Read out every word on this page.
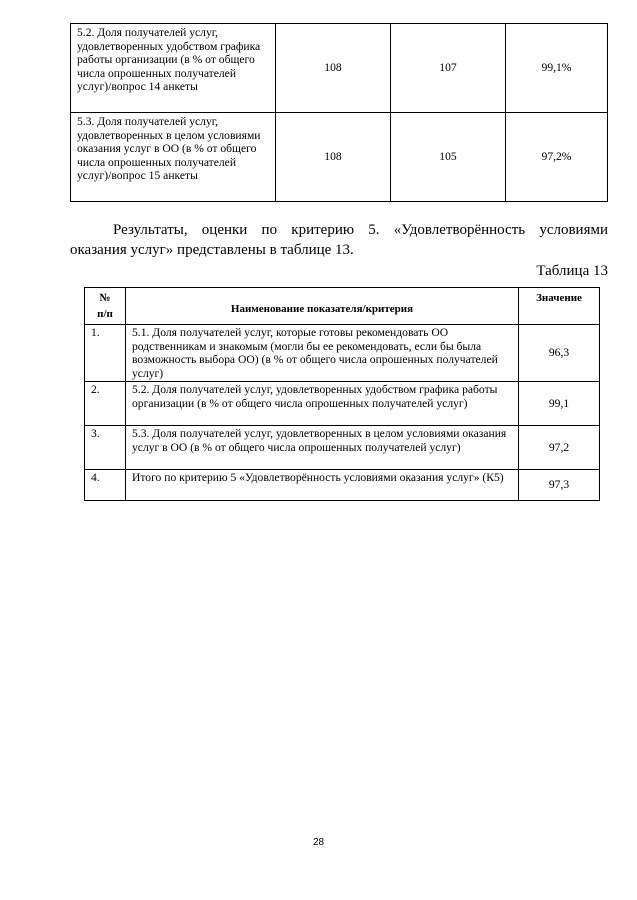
5.2. Доля получателей услуг, удовлетворенных удобством графика работы организации (в % от общего числа опрошенных получателей услуг)/вопрос 14 анкеты	108	107	99,1%
5.3. Доля получателей услуг, удовлетворенных в целом условиями оказания услуг в ОО (в % от общего числа опрошенных получателей услуг)/вопрос 15 анкеты	108	105	97,2%

Результаты, оценки по критерию 5. «Удовлетворённость условиями
оказания услуг» представлены в таблице 13.

Таблица 13

№
п/п	Наименование показателя/критерия	Значение
1.	5.1. Доля получателей услуг, которые готовы рекомендовать ОО родственникам и знакомым (могли бы ее рекомендовать, если бы была возможность выбора ОО) (в % от общего числа опрошенных получателей услуг)	96,3
2.	5.2. Доля получателей услуг, удовлетворенных удобством графика работы организации (в % от общего числа опрошенных получателей услуг)	99,1
3.	5.3. Доля получателей услуг, удовлетворенных в целом условиями оказания услуг в ОО (в % от общего числа опрошенных получателей услуг)	97,2
4.	Итого по критерию 5 «Удовлетворённость условиями оказания услуг» (К5)	97,3
28
